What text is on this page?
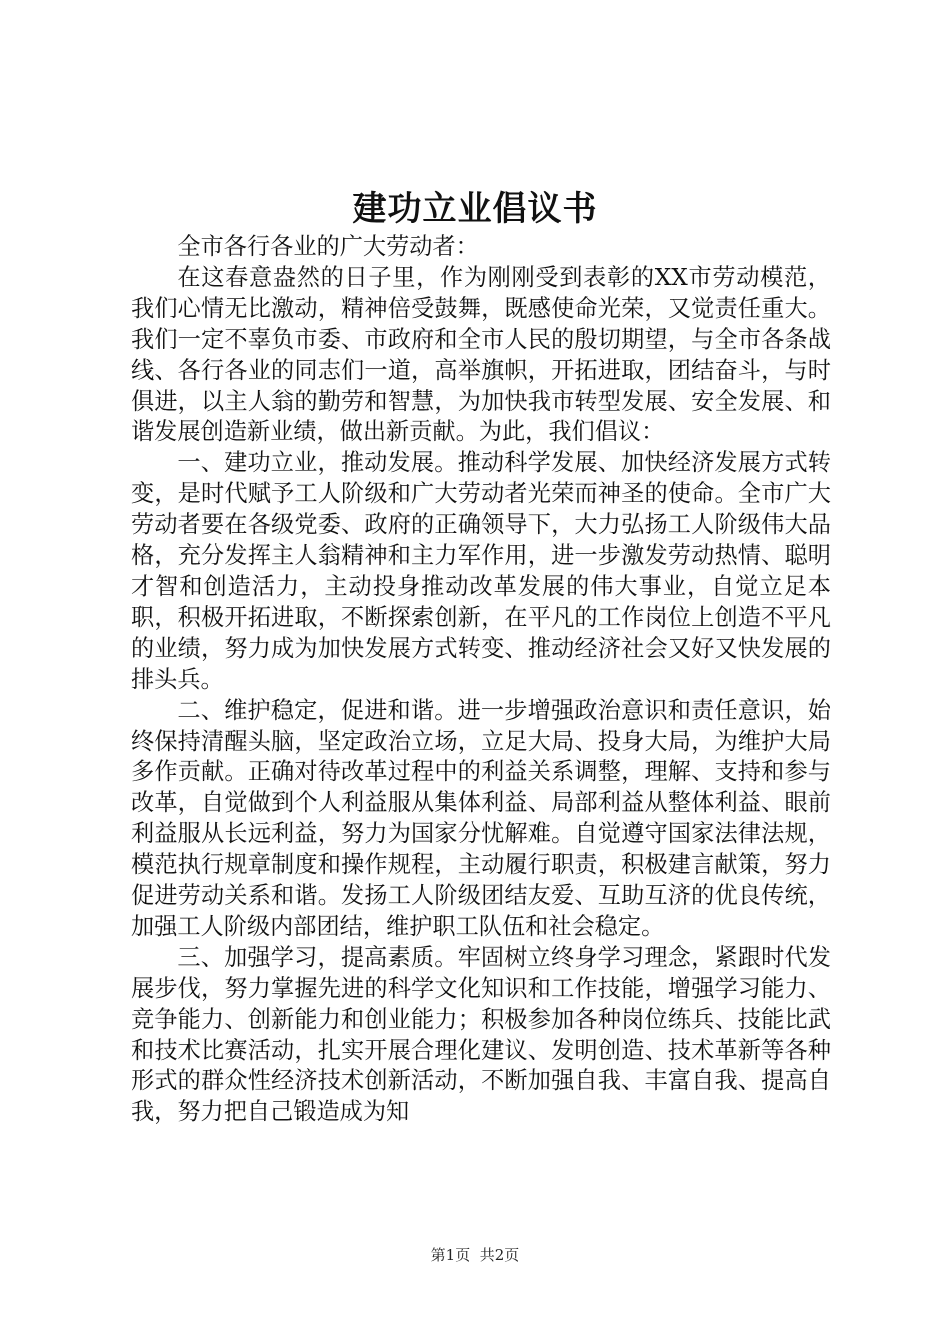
建功立业倡议书

全市各行各业的广大劳动者：

在这春意盎然的日子里，作为刚刚受到表彰的XX市劳动模范，我们心情无比激动，精神倍受鼓舞，既感使命光荣，又觉责任重大。我们一定不辜负市委、市政府和全市人民的殷切期望，与全市各条战线、各行各业的同志们一道，高举旗帜，开拓进取，团结奋斗，与时俱进，以主人翁的勤劳和智慧，为加快我市转型发展、安全发展、和谐发展创造新业绩，做出新贡献。为此，我们倡议：

一、建功立业，推动发展。推动科学发展、加快经济发展方式转变，是时代赋予工人阶级和广大劳动者光荣而神圣的使命。全市广大劳动者要在各级党委、政府的正确领导下，大力弘扬工人阶级伟大品格，充分发挥主人翁精神和主力军作用，进一步激发劳动热情、聪明才智和创造活力，主动投身推动改革发展的伟大事业，自觉立足本职，积极开拓进取，不断探索创新，在平凡的工作岗位上创造不平凡的业绩，努力成为加快发展方式转变、推动经济社会又好又快发展的排头兵。

二、维护稳定，促进和谐。进一步增强政治意识和责任意识，始终保持清醒头脑，坚定政治立场，立足大局、投身大局，为维护大局多作贡献。正确对待改革过程中的利益关系调整，理解、支持和参与改革，自觉做到个人利益服从集体利益、局部利益从整体利益、眼前利益服从长远利益，努力为国家分忧解难。自觉遵守国家法律法规，模范执行规章制度和操作规程，主动履行职责，积极建言献策，努力促进劳动关系和谐。发扬工人阶级团结友爱、互助互济的优良传统，加强工人阶级内部团结，维护职工队伍和社会稳定。

三、加强学习，提高素质。牢固树立终身学习理念，紧跟时代发展步伐，努力掌握先进的科学文化知识和工作技能，增强学习能力、竞争能力、创新能力和创业能力；积极参加各种岗位练兵、技能比武和技术比赛活动，扎实开展合理化建议、发明创造、技术革新等各种形式的群众性经济技术创新活动，不断加强自我、丰富自我、提高自我，努力把自己锻造成为知

第1页 共2页
